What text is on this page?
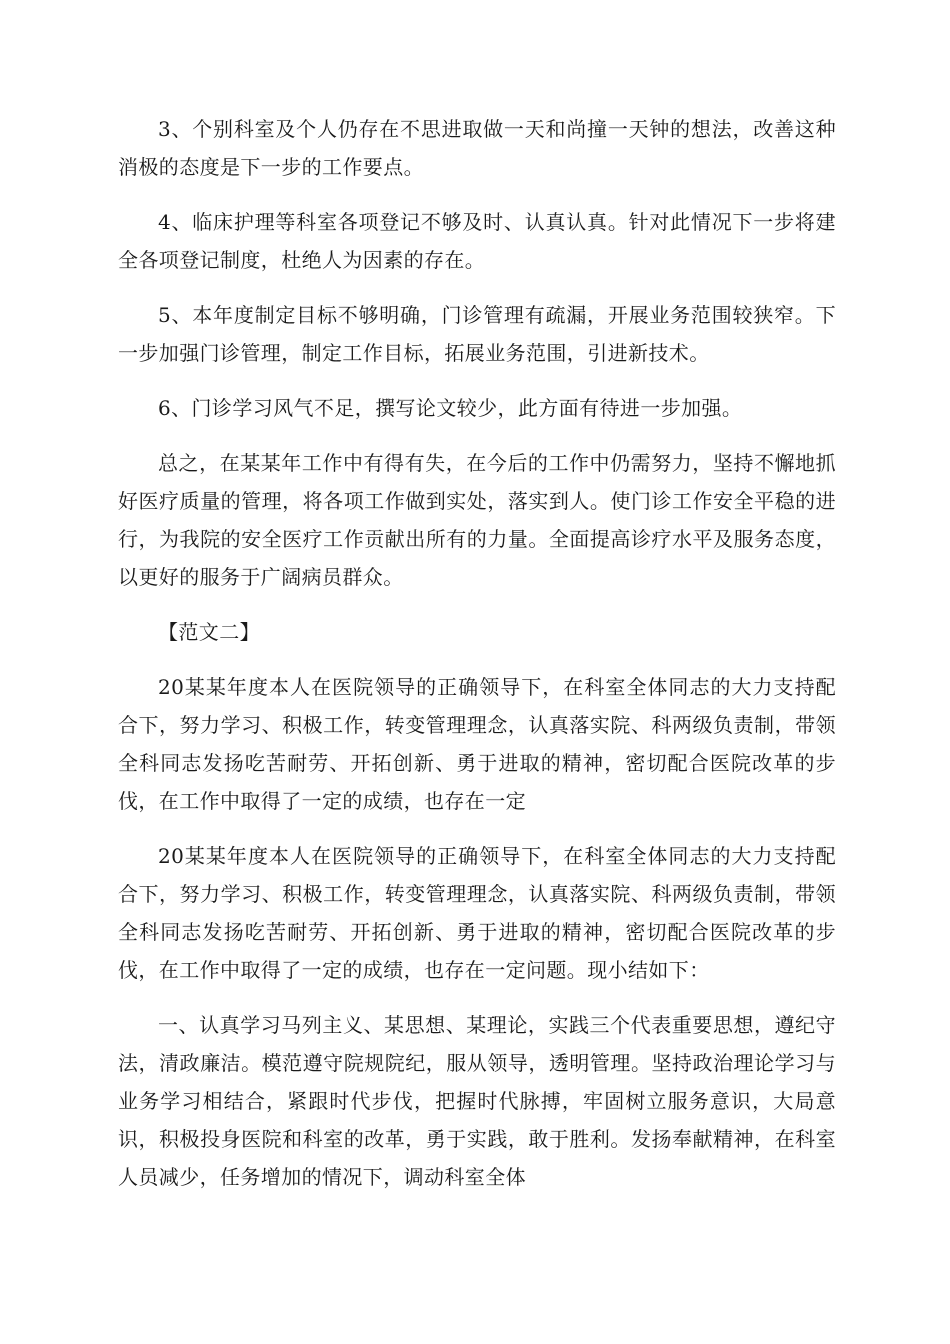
3、个别科室及个人仍存在不思进取做一天和尚撞一天钟的想法，改善这种消极的态度是下一步的工作要点。

4、临床护理等科室各项登记不够及时、认真认真。针对此情况下一步将建全各项登记制度，杜绝人为因素的存在。

5、本年度制定目标不够明确，门诊管理有疏漏，开展业务范围较狭窄。下一步加强门诊管理，制定工作目标，拓展业务范围，引进新技术。

6、门诊学习风气不足，撰写论文较少，此方面有待进一步加强。

总之，在某某年工作中有得有失，在今后的工作中仍需努力，坚持不懈地抓好医疗质量的管理，将各项工作做到实处，落实到人。使门诊工作安全平稳的进行，为我院的安全医疗工作贡献出所有的力量。全面提高诊疗水平及服务态度，以更好的服务于广阔病员群众。

【范文二】

20某某年度本人在医院领导的正确领导下，在科室全体同志的大力支持配合下，努力学习、积极工作，转变管理理念，认真落实院、科两级负责制，带领全科同志发扬吃苦耐劳、开拓创新、勇于进取的精神，密切配合医院改革的步伐，在工作中取得了一定的成绩，也存在一定

20某某年度本人在医院领导的正确领导下，在科室全体同志的大力支持配合下，努力学习、积极工作，转变管理理念，认真落实院、科两级负责制，带领全科同志发扬吃苦耐劳、开拓创新、勇于进取的精神，密切配合医院改革的步伐，在工作中取得了一定的成绩，也存在一定问题。现小结如下：

一、认真学习马列主义、某思想、某理论，实践三个代表重要思想，遵纪守法，清政廉洁。模范遵守院规院纪，服从领导，透明管理。坚持政治理论学习与业务学习相结合，紧跟时代步伐，把握时代脉搏，牢固树立服务意识，大局意识，积极投身医院和科室的改革，勇于实践，敢于胜利。发扬奉献精神，在科室人员减少，任务增加的情况下，调动科室全体
